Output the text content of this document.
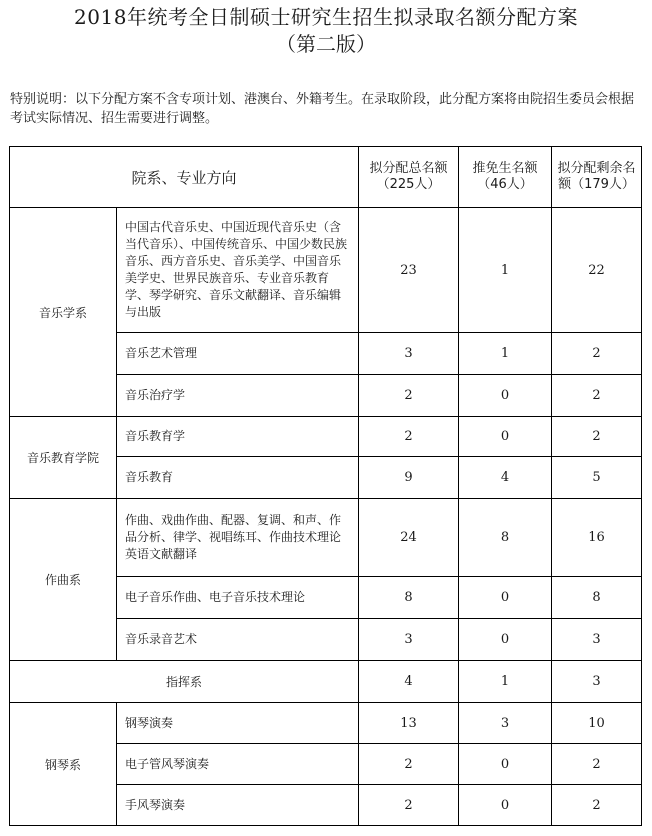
2018年统考全日制硕士研究生招生拟录取名额分配方案
（第二版）
特别说明：以下分配方案不含专项计划、港澳台、外籍考生。在录取阶段，此分配方案将由院招生委员会根据考试实际情况、招生需要进行调整。
院系、专业方向		拟分配总名额（225人）	推免生名额（46人）	拟分配剩余名额（179人）
音乐学系	中国古代音乐史、中国近现代音乐史（含当代音乐）、中国传统音乐、中国少数民族音乐、西方音乐史、音乐美学、中国音乐美学史、世界民族音乐、专业音乐教育学、琴学研究、音乐文献翻译、音乐编辑与出版	23	1	22
	音乐艺术管理	3	1	2
	音乐治疗学	2	0	2
音乐教育学院	音乐教育学	2	0	2
	音乐教育	9	4	5
作曲系	作曲、戏曲作曲、配器、复调、和声、作品分析、律学、视唱练耳、作曲技术理论英语文献翻译	24	8	16
	电子音乐作曲、电子音乐技术理论	8	0	8
	音乐录音艺术	3	0	3
指挥系		4	1	3
钢琴系	钢琴演奏	13	3	10
	电子管风琴演奏	2	0	2
	手风琴演奏	2	0	2
